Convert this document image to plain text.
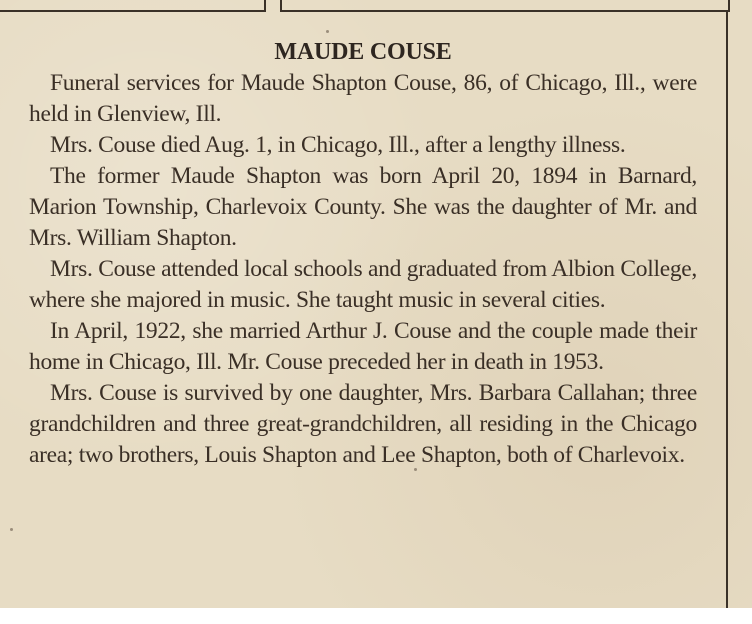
MAUDE COUSE

Funeral services for Maude Shapton Couse, 86, of Chicago, Ill., were held in Glenview, Ill.

Mrs. Couse died Aug. 1, in Chicago, Ill., after a lengthy illness.

The former Maude Shapton was born April 20, 1894 in Barnard, Marion Township, Charlevoix County. She was the daughter of Mr. and Mrs. William Shapton.

Mrs. Couse attended local schools and graduated from Albion College, where she majored in music. She taught music in several cities.

In April, 1922, she married Arthur J. Couse and the couple made their home in Chicago, Ill. Mr. Couse preceded her in death in 1953.

Mrs. Couse is survived by one daughter, Mrs. Barbara Callahan; three grandchildren and three great-grandchildren, all residing in the Chicago area; two brothers, Louis Shapton and Lee Shapton, both of Charlevoix.
